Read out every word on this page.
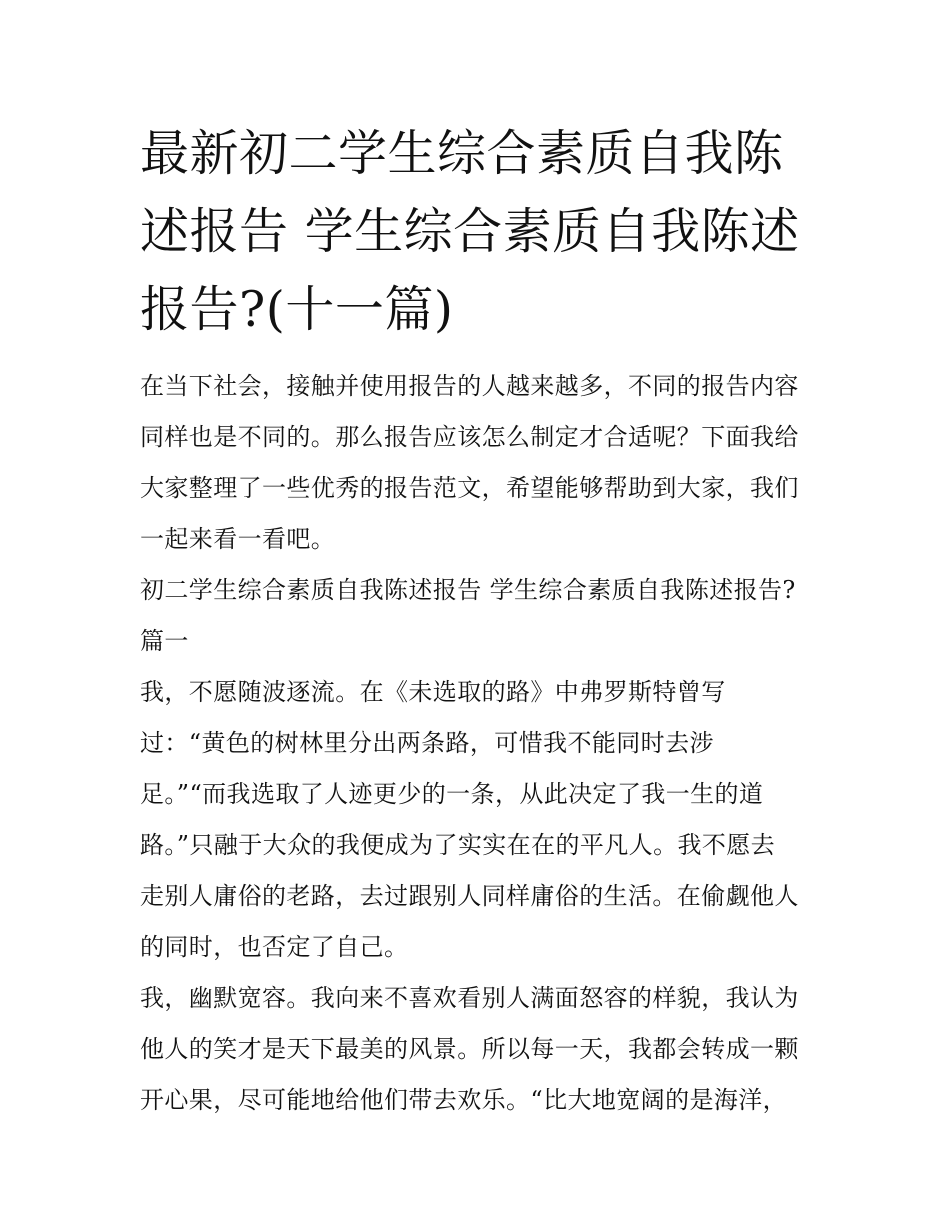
最新初二学生综合素质自我陈
述报告 学生综合素质自我陈述
报告?(十一篇)
在当下社会，接触并使用报告的人越来越多，不同的报告内容
同样也是不同的。那么报告应该怎么制定才合适呢？下面我给
大家整理了一些优秀的报告范文，希望能够帮助到大家，我们
一起来看一看吧。
初二学生综合素质自我陈述报告 学生综合素质自我陈述报告?
篇一
我，不愿随波逐流。在《未选取的路》中弗罗斯特曾写
过：“黄色的树林里分出两条路，可惜我不能同时去涉
足。”“而我选取了人迹更少的一条，从此决定了我一生的道
路。”只融于大众的我便成为了实实在在的平凡人。我不愿去
走别人庸俗的老路，去过跟别人同样庸俗的生活。在偷觑他人
的同时，也否定了自己。
我，幽默宽容。我向来不喜欢看别人满面怒容的样貌，我认为
他人的笑才是天下最美的风景。所以每一天，我都会转成一颗
开心果，尽可能地给他们带去欢乐。“比大地宽阔的是海洋，
